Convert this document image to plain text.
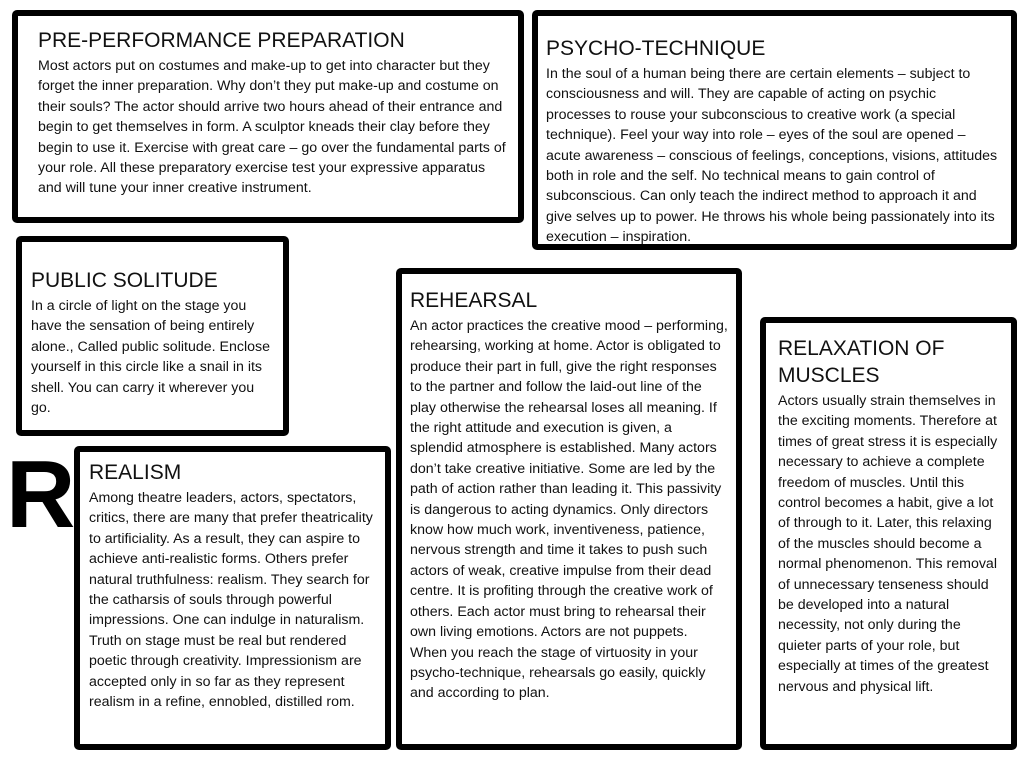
PRE-PERFORMANCE PREPARATION

Most actors put on costumes and make-up to get into character but they forget the inner preparation. Why don’t they put make-up and costume on their souls? The actor should arrive two hours ahead of their entrance and begin to get themselves in form. A sculptor kneads their clay before they begin to use it. Exercise with great care – go over the fundamental parts of your role. All these preparatory exercise test your expressive apparatus and will tune your inner creative instrument.

PSYCHO-TECHNIQUE

In the soul of a human being there are certain elements – subject to consciousness and will. They are capable of acting on psychic processes to rouse your subconscious to creative work (a special technique). Feel your way into role – eyes of the soul are opened – acute awareness – conscious of feelings, conceptions, visions, attitudes both in role and the self. No technical means to gain control of subconscious. Can only teach the indirect method to approach it and give selves up to power. He throws his whole being passionately into its execution – inspiration.

PUBLIC SOLITUDE

In a circle of light on the stage you have the sensation of being entirely alone., Called public solitude. Enclose yourself in this circle like a snail in its shell. You can carry it wherever you go.

REHEARSAL

An actor practices the creative mood – performing, rehearsing, working at home. Actor is obligated to produce their part in full, give the right responses to the partner and follow the laid-out line of the play otherwise the rehearsal loses all meaning. If the right attitude and execution is given, a splendid atmosphere is established. Many actors don’t take creative initiative. Some are led by the path of action rather than leading it. This passivity is dangerous to acting dynamics. Only directors know how much work, inventiveness, patience, nervous strength and time it takes to push such actors of weak, creative impulse from their dead centre. It is profiting through the creative work of others. Each actor must bring to rehearsal their own living emotions. Actors are not puppets. When you reach the stage of virtuosity in your psycho-technique, rehearsals go easily, quickly and according to plan.

RELAXATION OF MUSCLES

Actors usually strain themselves in the exciting moments. Therefore at times of great stress it is especially necessary to achieve a complete freedom of muscles. Until this control becomes a habit, give a lot of through to it. Later, this relaxing of the muscles should become a normal phenomenon. This removal of unnecessary tenseness should be developed into a natural necessity, not only during the quieter parts of your role, but especially at times of the greatest nervous and physical lift.

REALISM

Among theatre leaders, actors, spectators, critics, there are many that prefer theatricality to artificiality. As a result, they can aspire to achieve anti-realistic forms. Others prefer natural truthfulness: realism. They search for the catharsis of souls through powerful impressions. One can indulge in naturalism. Truth on stage must be real but rendered poetic through creativity. Impressionism are accepted only in so far as they represent realism in a refine, ennobled, distilled rom.

R
